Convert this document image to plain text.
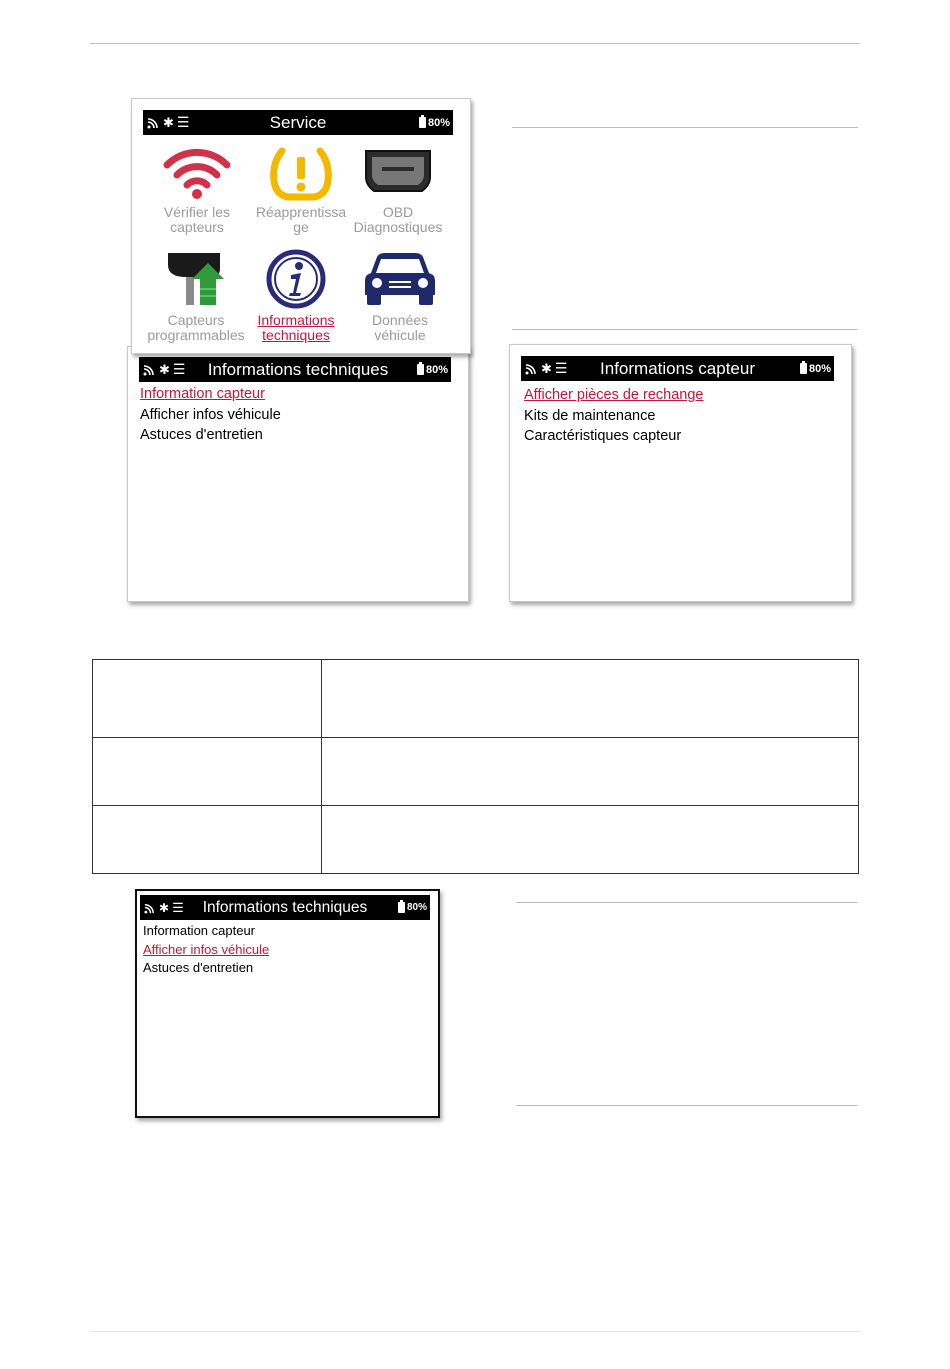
✱ ☰	Service	80%
Vérifier les capteurs
Réapprentissa ge
OBD Diagnostiques
Capteurs programmables
Informations techniques
Données véhicule
✱ ☰	Informations techniques	80%
Information capteur
Afficher infos véhicule
Astuces d'entretien
✱ ☰	Informations capteur	80%
Afficher pièces de rechange
Kits de maintenance
Caractéristiques capteur

✱ ☰	Informations techniques	80%
Information capteur
Afficher infos véhicule
Astuces d'entretien
